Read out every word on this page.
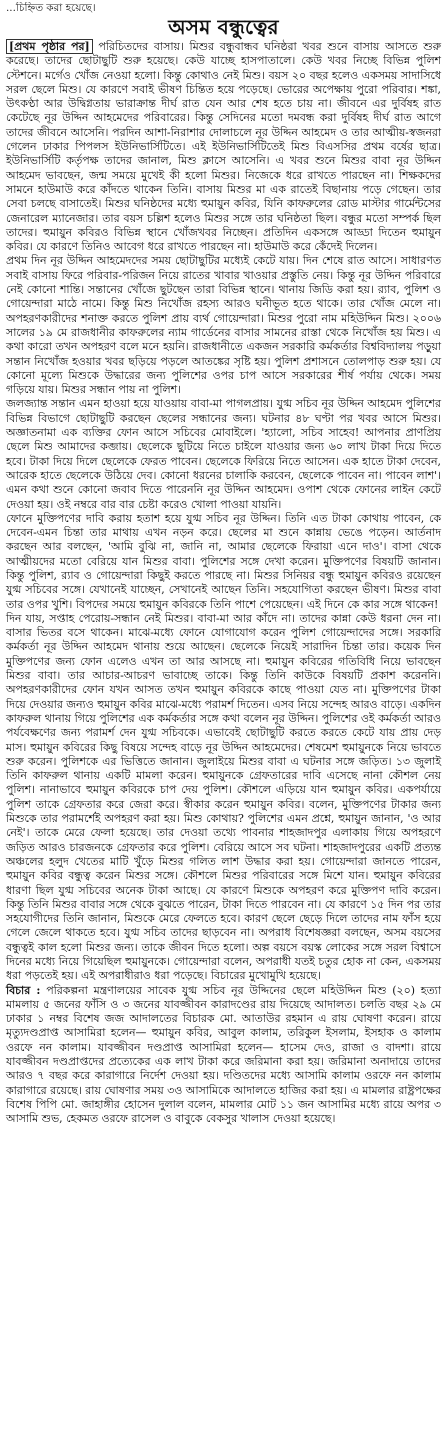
...চিহ্নিত করা হয়েছে।
অসম বন্ধুত্বের

[প্রথম পৃষ্ঠার পর] পরিচিতদের বাসায়। মিশুর বন্ধুবান্ধব ঘনিষ্ঠরা খবর শুনে বাসায় আসতে শুরু করেছে। তাদের ছোটাছুটি শুরু হয়েছে। কেউ যাচ্ছে হাসপাতালে। কেউ খবর নিচ্ছে বিভিন্ন পুলিশ স্টেশনে। মর্গেও খোঁজ নেওয়া হলো। কিন্তু কোথাও নেই মিশু। বয়স ২০ বছর হলেও একসময় সাদাসিধে সরল ছেলে মিশু। যে কারণে সবাই ভীষণ চিন্তিত হয়ে পড়েছে। ভোরের অপেক্ষায় পুরো পরিবার। শঙ্কা, উৎকণ্ঠা আর উদ্বিগ্নতায় ভারাক্রান্ত দীর্ঘ রাত যেন আর শেষ হতে চায় না। জীবনে এর দুর্বিষহ রাত কেটেছে নূর উদ্দিন আহমেদের পরিবারের। কিন্তু সেদিনের মতো দমবন্ধ করা দুর্বিষহ দীর্ঘ রাত আগে তাদের জীবনে আসেনি। পরদিন আশা-নিরাশার দোলাচলে নূর উদ্দিন আহমেদ ও তার আত্মীয়-স্বজনরা গেলেন ঢাকার পিপলস ইউনিভার্সিটিতে। এই ইউনিভার্সিটিতেই মিশু বিএসসির প্রথম বর্ষের ছাত্র। ইউনিভার্সিটি কর্তৃপক্ষ তাদের জানাল, মিশু ক্লাসে আসেনি। এ খবর শুনে মিশুর বাবা নূর উদ্দিন আহমেদ ভাবছেন, জন্ম সময়ে মুখেই কী হলো মিশুর। নিজেকে ধরে রাখতে পারছেন না। শিক্ষকদের সামনে হাউমাউ করে কাঁদতে থাকেন তিনি। বাসায় মিশুর মা এক রাতেই বিছানায় পড়ে গেছেন। তার সেবা চলছে বাসাতেই। মিশুর ঘনিষ্ঠদের মধ্যে হুমায়ুন কবির, যিনি কাফরুলের রোড মাস্টার গার্মেন্টসের জেনারেল ম্যানেজার। তার বয়স চল্লিশ হলেও মিশুর সঙ্গে তার ঘনিষ্ঠতা ছিল। বন্ধুর মতো সম্পর্ক ছিল তাদের। হুমায়ুন কবিরও বিভিন্ন স্থানে খোঁজখবর নিচ্ছেন। প্রতিদিন একসঙ্গে আড্ডা দিতেন হুমায়ুন কবির। যে কারণে তিনিও আবেগ ধরে রাখতে পারছেন না। হাউমাউ করে কেঁদেই দিলেন।

প্রথম দিন নূর উদ্দিন আহমেদদের সময় ছোটাছুটির মধ্যেই কেটে যায়। দিন শেষে রাত আসে। সাধারণত সবাই বাসায় ফিরে পরিবার-পরিজন নিয়ে রাতের খাবার খাওয়ার প্রস্তুতি নেয়। কিন্তু নূর উদ্দিন পরিবারে নেই কোনো শান্তি। সন্তানের খোঁজে ছুটছেন তারা বিভিন্ন স্থানে। থানায় জিডি করা হয়। র‌্যাব, পুলিশ ও গোয়েন্দারা মাঠে নামে। কিন্তু মিশু নিখোঁজ রহস্য আরও ঘনীভূত হতে থাকে। তার খোঁজ মেলে না। অপহরণকারীদের শনাক্ত করতে পুলিশ প্রায় ব্যর্থ গোয়েন্দারা। মিশুর পুরো নাম মহিউদ্দিন মিশু। ২০০৬ সালের ১৯ মে রাজধানীর কাফরুলের ন্যাম গার্ডেনের বাসার সামনের রাস্তা থেকে নিখোঁজ হয় মিশু। এ কথা কারো তখন অপহরণ বলে মনে হয়নি। রাজধানীতে একজন সরকারি কর্মকর্তার বিশ্ববিদ্যালয় পড়ুয়া সন্তান নিখোঁজ হওয়ার খবর ছড়িয়ে পড়লে আতঙ্কের সৃষ্টি হয়। পুলিশ প্রশাসনে তোলপাড় শুরু হয়। যে কোনো মূল্যে মিশুকে উদ্ধারের জন্য পুলিশের ওপর চাপ আসে সরকারের শীর্ষ পর্যায় থেকে। সময় গড়িয়ে যায়। মিশুর সন্ধান পায় না পুলিশ।

জলজ্যান্ত সন্তান এমন হাওয়া হয়ে যাওয়ায় বাবা-মা পাগলপ্রায়। যুগ্ম সচিব নূর উদ্দিন আহমেদ পুলিশের বিভিন্ন বিভাগে ছোটাছুটি করছেন ছেলের সন্ধানের জন্য। ঘটনার ৪৮ ঘণ্টা পর খবর আসে মিশুর। অজ্ঞাতনামা এক ব্যক্তির ফোন আসে সচিবের মোবাইলে। 'হ্যালো, সচিব সাহেব! আপনার প্রাণপ্রিয় ছেলে মিশু আমাদের কব্জায়। ছেলেকে ছুটিয়ে নিতে চাইলে যাওয়ার জন্য ৬০ লাখ টাকা দিয়ে দিতে হবে। টাকা দিয়ে দিলে ছেলেকে ফেরত পাবেন। ছেলেকে ফিরিয়ে নিতে আসেন। এক হাতে টাকা দেবেন, আরেক হাতে ছেলেকে উঠিয়ে দেব। কোনো ধরনের চালাকি করবেন, ছেলেকে পাবেন না। পাবেন লাশ'। এমন কথা শুনে কোনো জবাব দিতে পারেননি নূর উদ্দিন আহমেদ। ওপাশ থেকে ফোনের লাইন কেটে দেওয়া হয়। ওই নম্বরে বার বার চেষ্টা করেও খোলা পাওয়া যায়নি।

ফোনে মুক্তিপণের দাবি করায় হতাশ হয়ে যুগ্ম সচিব নূর উদ্দিন। তিনি এত টাকা কোথায় পাবেন, কে দেবেন-এমন চিন্তা তার মাথায় এখন নড়ন করে। ছেলের মা শুনে কান্নায় ভেঙে পড়েন। আর্তনাদ করছেন আর বলছেন, 'আমি বুঝি না, জানি না, আমার ছেলেকে ফিরায়া এনে দাও'। বাসা থেকে আত্মীয়দের মতো বেরিয়ে যান মিশুর বাবা। পুলিশের সঙ্গে দেখা করেন। মুক্তিপণের বিষয়টি জানান। কিন্তু পুলিশ, র‌্যাব ও গোয়েন্দারা কিছুই করতে পারছে না। মিশুর সিনিয়র বন্ধু হুমায়ুন কবিরও রয়েছেন যুগ্ম সচিবের সঙ্গে। যেখানেই যাচ্ছেন, সেখানেই আছেন তিনি। সহযোগিতা করছেন ভীষণ। মিশুর বাবা তার ওপর খুশি। বিপদের সময়ে হুমায়ুন কবিরকে তিনি পাশে পেয়েছেন। এই দিনে কে কার সঙ্গে থাকেন!

দিন যায়, সপ্তাহ পেরোয়-সন্ধান নেই মিশুর। বাবা-মা আর কাঁদে না। তাদের কান্না কেউ ধরনা দেন না। বাসার ভিতর বসে থাকেন। মাঝে-মধ্যে ফোনে যোগাযোগ করেন পুলিশ গোয়েন্দাদের সঙ্গে। সরকারি কর্মকর্তা নূর উদ্দিন আহমেদ থানায় শুয়ে আছেন। ছেলেকে নিয়েই সারাদিন চিন্তা তার। কয়েক দিন মুক্তিপণের জন্য ফোন এলেও এখন তা আর আসছে না। হুমায়ুন কবিরের গতিবিধি নিয়ে ভাবছেন মিশুর বাবা। তার আচার-আচরণ ভাবাচ্ছে তাকে। কিন্তু তিনি কাউকে বিষয়টি প্রকাশ করেননি। অপহরণকারীদের ফোন যখন আসত তখন হুমায়ুন কবিরকে কাছে পাওয়া যেত না। মুক্তিপণের টাকা দিয়ে দেওয়ার জন্যও হুমায়ুন কবির মাঝে-মধ্যে পরামর্শ দিতেন। এসব নিয়ে সন্দেহ আরও বাড়ে। একদিন কাফরুল থানায় গিয়ে পুলিশের এক কর্মকর্তার সঙ্গে কথা বলেন নূর উদ্দিন। পুলিশের ওই কর্মকর্তা আরও পর্যবেক্ষণের জন্য পরামর্শ দেন যুগ্ম সচিবকে। এভাবেই ছোটাছুটি করতে করতে কেটে যায় প্রায় দেড় মাস। হুমায়ুন কবিরের কিছু বিষয়ে সন্দেহ বাড়ে নূর উদ্দিন আহমেদের। শেষমেশ হুমায়ুনকে নিয়ে ভাবতে শুরু করেন। পুলিশকে এর ভিত্তিতে জানান। জুলাইয়ে মিশুর বাবা এ ঘটনার সঙ্গে জড়িত। ১৩ জুলাই তিনি কাফরুল থানায় একটি মামলা করেন। হুমায়ুনকে গ্রেফতারের দাবি এসেছে নানা কৌশল নেয় পুলিশ। নানাভাবে হুমায়ুন কবিরকে চাপ দেয় পুলিশ। কৌশলে এড়িয়ে যান হুমায়ুন কবির। একপর্যায়ে পুলিশ তাকে গ্রেফতার করে জেরা করে। স্বীকার করেন হুমায়ুন কবির। বলেন, মুক্তিপণের টাকার জন্য মিশুকে তার পরামর্শেই অপহরণ করা হয়। মিশু কোথায়? পুলিশের এমন প্রশ্নে, হুমায়ুন জানান, 'ও আর নেই'। তাকে মেরে ফেলা হয়েছে। তার দেওয়া তথ্যে পাবনার শাহজাদপুর এলাকায় গিয়ে অপহরণে জড়িত আরও চারজনকে গ্রেফতার করে পুলিশ। বেরিয়ে আসে সব ঘটনা। শাহজাদপুরের একটি প্রত্যন্ত অঞ্চলের হলুদ খেতের মাটি খুঁড়ে মিশুর গলিত লাশ উদ্ধার করা হয়। গোয়েন্দারা জানতে পারেন, হুমায়ুন কবির বন্ধুত্ব করেন মিশুর সঙ্গে। কৌশলে মিশুর পরিবারের সঙ্গে মিশে যান। হুমায়ুন কবিরের ধারণা ছিল যুগ্ম সচিবের অনেক টাকা আছে। যে কারণে মিশুকে অপহরণ করে মুক্তিপণ দাবি করেন। কিন্তু তিনি মিশুর বাবার সঙ্গে থেকে বুঝতে পারেন, টাকা দিতে পারবেন না। যে কারণে ১৫ দিন পর তার সহযোগীদের তিনি জানান, মিশুকে মেরে ফেলতে হবে। কারণ ছেলে ছেড়ে দিলে তাদের নাম ফাঁস হয়ে গেলে জেলে থাকতে হবে। যুগ্ম সচিব তাদের ছাড়বেন না। অপরাধ বিশেষজ্ঞরা বলছেন, অসম বয়সের বন্ধুত্বই কাল হলো মিশুর জন্য। তাকে জীবন দিতে হলো। অল্প বয়সে বয়স্ক লোকের সঙ্গে সরল বিশ্বাসে দিনের মধ্যে নিয়ে গিয়েছিল হুমায়ুনকে। গোয়েন্দারা বলেন, অপরাধী যতই চতুর হোক না কেন, একসময় ধরা পড়তেই হয়। এই অপরাধীরাও ধরা পড়েছে। বিচারের মুখোমুখি হয়েছে।

বিচার : পরিকল্পনা মন্ত্রণালয়ের সাবেক যুগ্ম সচিব নূর উদ্দিনের ছেলে মহিউদ্দিন মিশু (২০) হত্যা মামলায় ৫ জনের ফাঁসি ও ৩ জনের যাবজ্জীবন কারাদণ্ডের রায় দিয়েছে আদালত। চলতি বছর ২৯ মে ঢাকার ১ নম্বর বিশেষ জজ আদালতের বিচারক মো. আতাউর রহমান এ রায় ঘোষণা করেন। রায়ে মৃত্যুদণ্ডপ্রাপ্ত আসামিরা হলেন— হুমায়ুন কবির, আবুল কালাম, তরিকুল ইসলাম, ইসহাক ও কালাম ওরফে নন কালাম। যাবজ্জীবন দণ্ডপ্রাপ্ত আসামিরা হলেন— হাসেম দেও, রাজা ও বাদশা। রায়ে যাবজ্জীবন দণ্ডপ্রাপ্তদের প্রত্যেকের এক লাখ টাকা করে জরিমানা করা হয়। জরিমানা অনাদায়ে তাদের আরও ৭ বছর করে কারাগারে নির্দেশ দেওয়া হয়। দণ্ডিতদের মধ্যে আসামি কালাম ওরফে নন কালাম কারাগারে রয়েছে। রায় ঘোষণার সময় ৩ও আসামিকে আদালতে হাজির করা হয়। এ মামলার রাষ্ট্রপক্ষের বিশেষ পিপি মো. জাহাঙ্গীর হোসেন দুলাল বলেন, মামলার মোট ১১ জন আসামির মধ্যে রায়ে অপর ৩ আসামি শুভ, হেকমত ওরফে রাসেল ও বাবুকে বেকসুর খালাস দেওয়া হয়েছে।
